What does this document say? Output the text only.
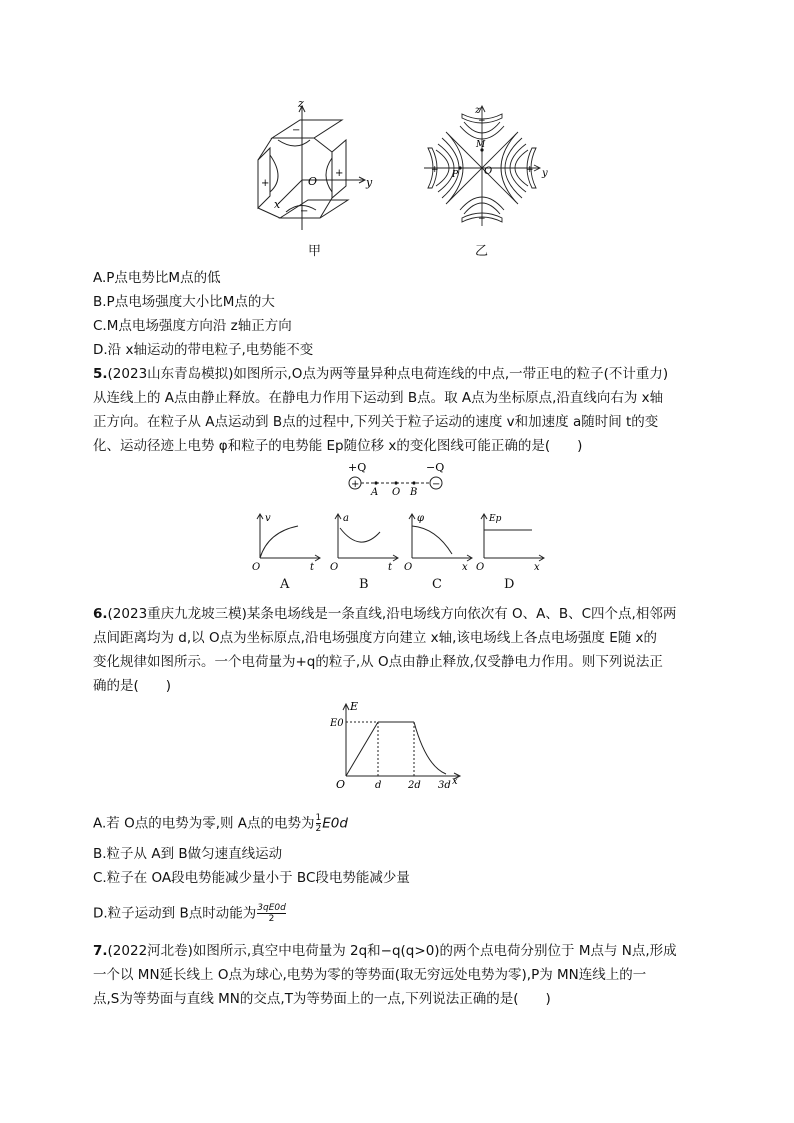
z
y
x
O
−
−
+
+
甲
z
y
M
P	O
−
−
+	+
乙
A.P点电势比M点的低
B.P点电场强度大小比M点的大
C.M点电场强度方向沿 z轴正方向
D.沿 x轴运动的带电粒子,电势能不变
5.(2023山东青岛模拟)如图所示,O点为两等量异种点电荷连线的中点,一带正电的粒子(不计重力)
从连线上的 A点由静止释放。在静电力作用下运动到 B点。取 A点为坐标原点,沿直线向右为 x轴
正方向。在粒子从 A点运动到 B点的过程中,下列关于粒子运动的速度 v和加速度 a随时间 t的变
化、运动径迹上电势 φ和粒子的电势能 Ep随位移 x的变化图线可能正确的是(　　)
+Q	−Q
+	−
A O B
v
O	t
A
a
O	t
B
φ
O	x
C
Ep
O	x
D
6.(2023重庆九龙坡三模)某条电场线是一条直线,沿电场线方向依次有 O、A、B、C四个点,相邻两
点间距离均为 d,以 O点为坐标原点,沿电场强度方向建立 x轴,该电场线上各点电场强度 E随 x的
变化规律如图所示。一个电荷量为+q的粒子,从 O点由静止释放,仅受静电力作用。则下列说法正
确的是(　　)
E
E0
O	d	2d 3d x
A.若 O点的电势为零,则 A点的电势为 $\frac{1}{2} E0d$
B.粒子从 A到 B做匀速直线运动
C.粒子在 OA段电势能减少量小于 BC段电势能减少量
D.粒子运动到 B点时动能为 $\frac{3qE0d}{2}$
7.(2022河北卷)如图所示,真空中电荷量为 2q和−q(q>0)的两个点电荷分别位于 M点与 N点,形成
一个以 MN延长线上 O点为球心,电势为零的等势面(取无穷远处电势为零),P为 MN连线上的一
点,S为等势面与直线 MN的交点,T为等势面上的一点,下列说法正确的是(　　)
